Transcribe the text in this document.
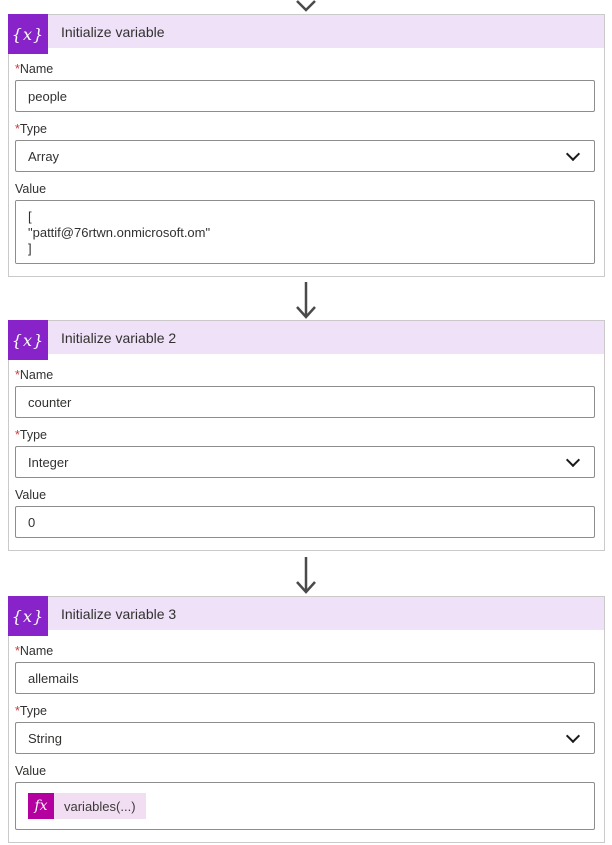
{x} Initialize variable
*Name
people
*Type
Array
Value
[ "pattif@76rtwn.onmicrosoft.om" ]
{x} Initialize variable 2
*Name
counter
*Type
Integer
Value
0
{x} Initialize variable 3
*Name
allemails
*Type
String
Value
fx	variables(...)
